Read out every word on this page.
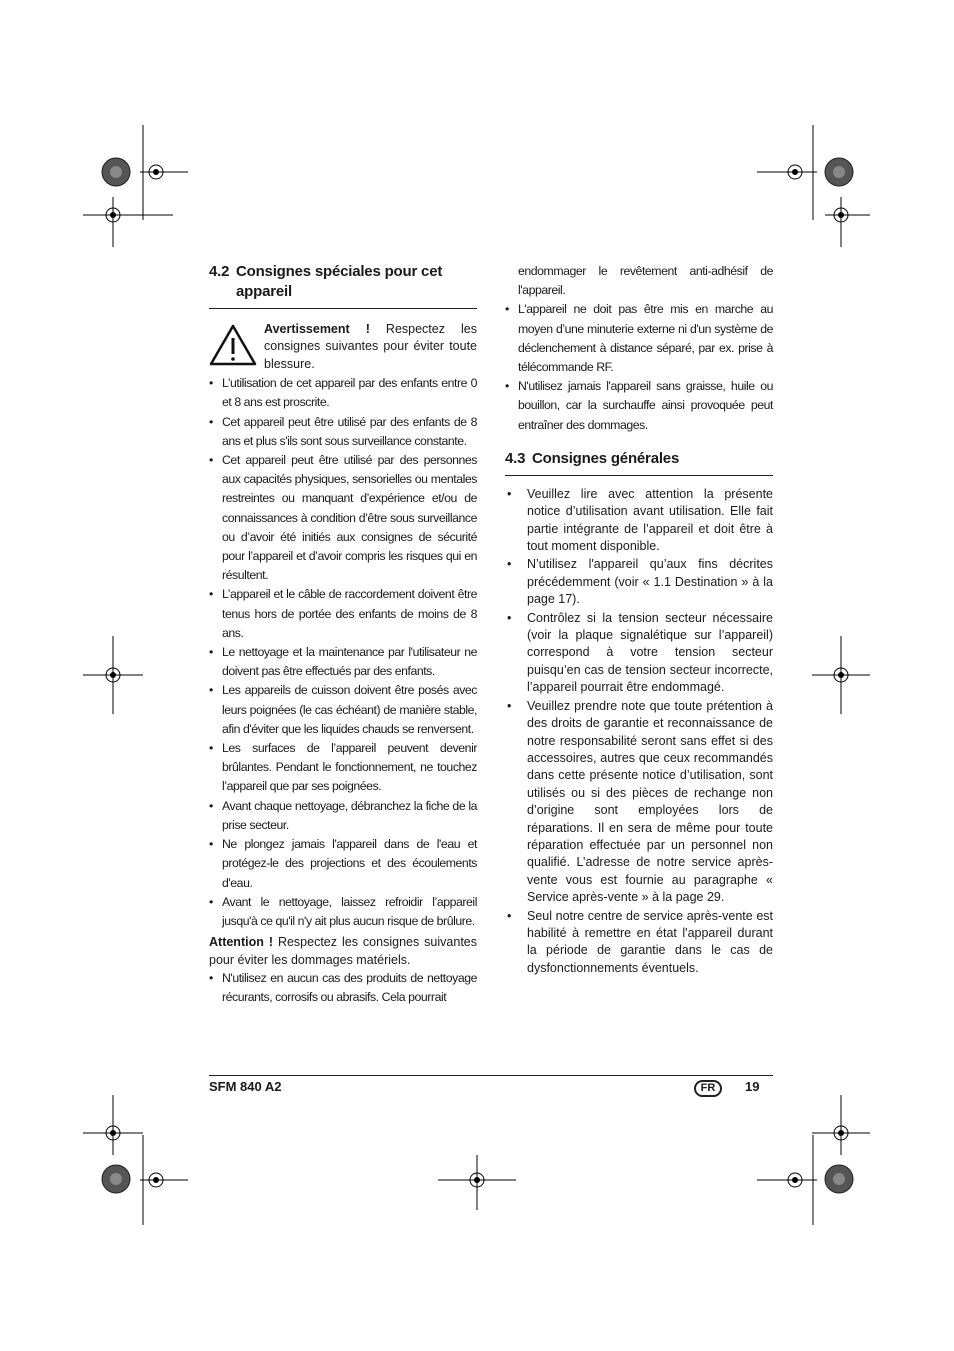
4.2 Consignes spéciales pour cet
appareil
Avertissement ! Respectez les consignes suivantes pour éviter toute blessure.
• L’utilisation de cet appareil par des enfants entre 0 et 8 ans est proscrite.
• Cet appareil peut être utilisé par des enfants de 8 ans et plus s'ils sont sous surveillance constante.
• Cet appareil peut être utilisé par des personnes aux capacités physiques, sensorielles ou mentales restreintes ou manquant d’expérience et/ou de connaissances à condition d’être sous surveillance ou d’avoir été initiés aux consignes de sécurité pour l’appareil et d’avoir compris les risques qui en résultent.
• L’appareil et le câble de raccordement doivent être tenus hors de portée des enfants de moins de 8 ans.
• Le nettoyage et la maintenance par l'utilisateur ne doivent pas être effectués par des enfants.
• Les appareils de cuisson doivent être posés avec leurs poignées (le cas échéant) de manière stable, afin d'éviter que les liquides chauds se renversent.
• Les surfaces de l’appareil peuvent devenir brûlantes. Pendant le fonctionnement, ne touchez l’appareil que par ses poignées.
• Avant chaque nettoyage, débranchez la fiche de la prise secteur.
• Ne plongez jamais l'appareil dans de l'eau et protégez-le des projections et des écoulements d'eau.
• Avant le nettoyage, laissez refroidir l’appareil jusqu'à ce qu'il n'y ait plus aucun risque de brûlure.
Attention ! Respectez les consignes suivantes pour éviter les dommages matériels.
• N'utilisez en aucun cas des produits de nettoyage récurants, corrosifs ou abrasifs. Cela pourrait
endommager le revêtement anti-adhésif de l'appareil.
• L'appareil ne doit pas être mis en marche au moyen d’une minuterie externe ni d'un système de déclenchement à distance séparé, par ex. prise à télécommande RF.
• N'utilisez jamais l'appareil sans graisse, huile ou bouillon, car la surchauffe ainsi provoquée peut entraîner des dommages.
4.3 Consignes générales
• Veuillez lire avec attention la présente notice d’utilisation avant utilisation. Elle fait partie intégrante de l’appareil et doit être à tout moment disponible.
• N’utilisez l'appareil qu’aux fins décrites précédemment (voir « 1.1 Destination » à la page 17).
• Contrôlez si la tension secteur nécessaire (voir la plaque signalétique sur l’appareil) correspond à votre tension secteur puisqu’en cas de tension secteur incorrecte, l’appareil pourrait être endommagé.
• Veuillez prendre note que toute prétention à des droits de garantie et reconnaissance de notre responsabilité seront sans effet si des accessoires, autres que ceux recommandés dans cette présente notice d’utilisation, sont utilisés ou si des pièces de rechange non d’origine sont employées lors de réparations. Il en sera de même pour toute réparation effectuée par un personnel non qualifié. L’adresse de notre service après-vente vous est fournie au paragraphe « Service après-vente » à la page 29.
• Seul notre centre de service après-vente est habilité à remettre en état l'appareil durant la période de garantie dans le cas de dysfonctionnements éventuels.
SFM 840 A2	FR	19
